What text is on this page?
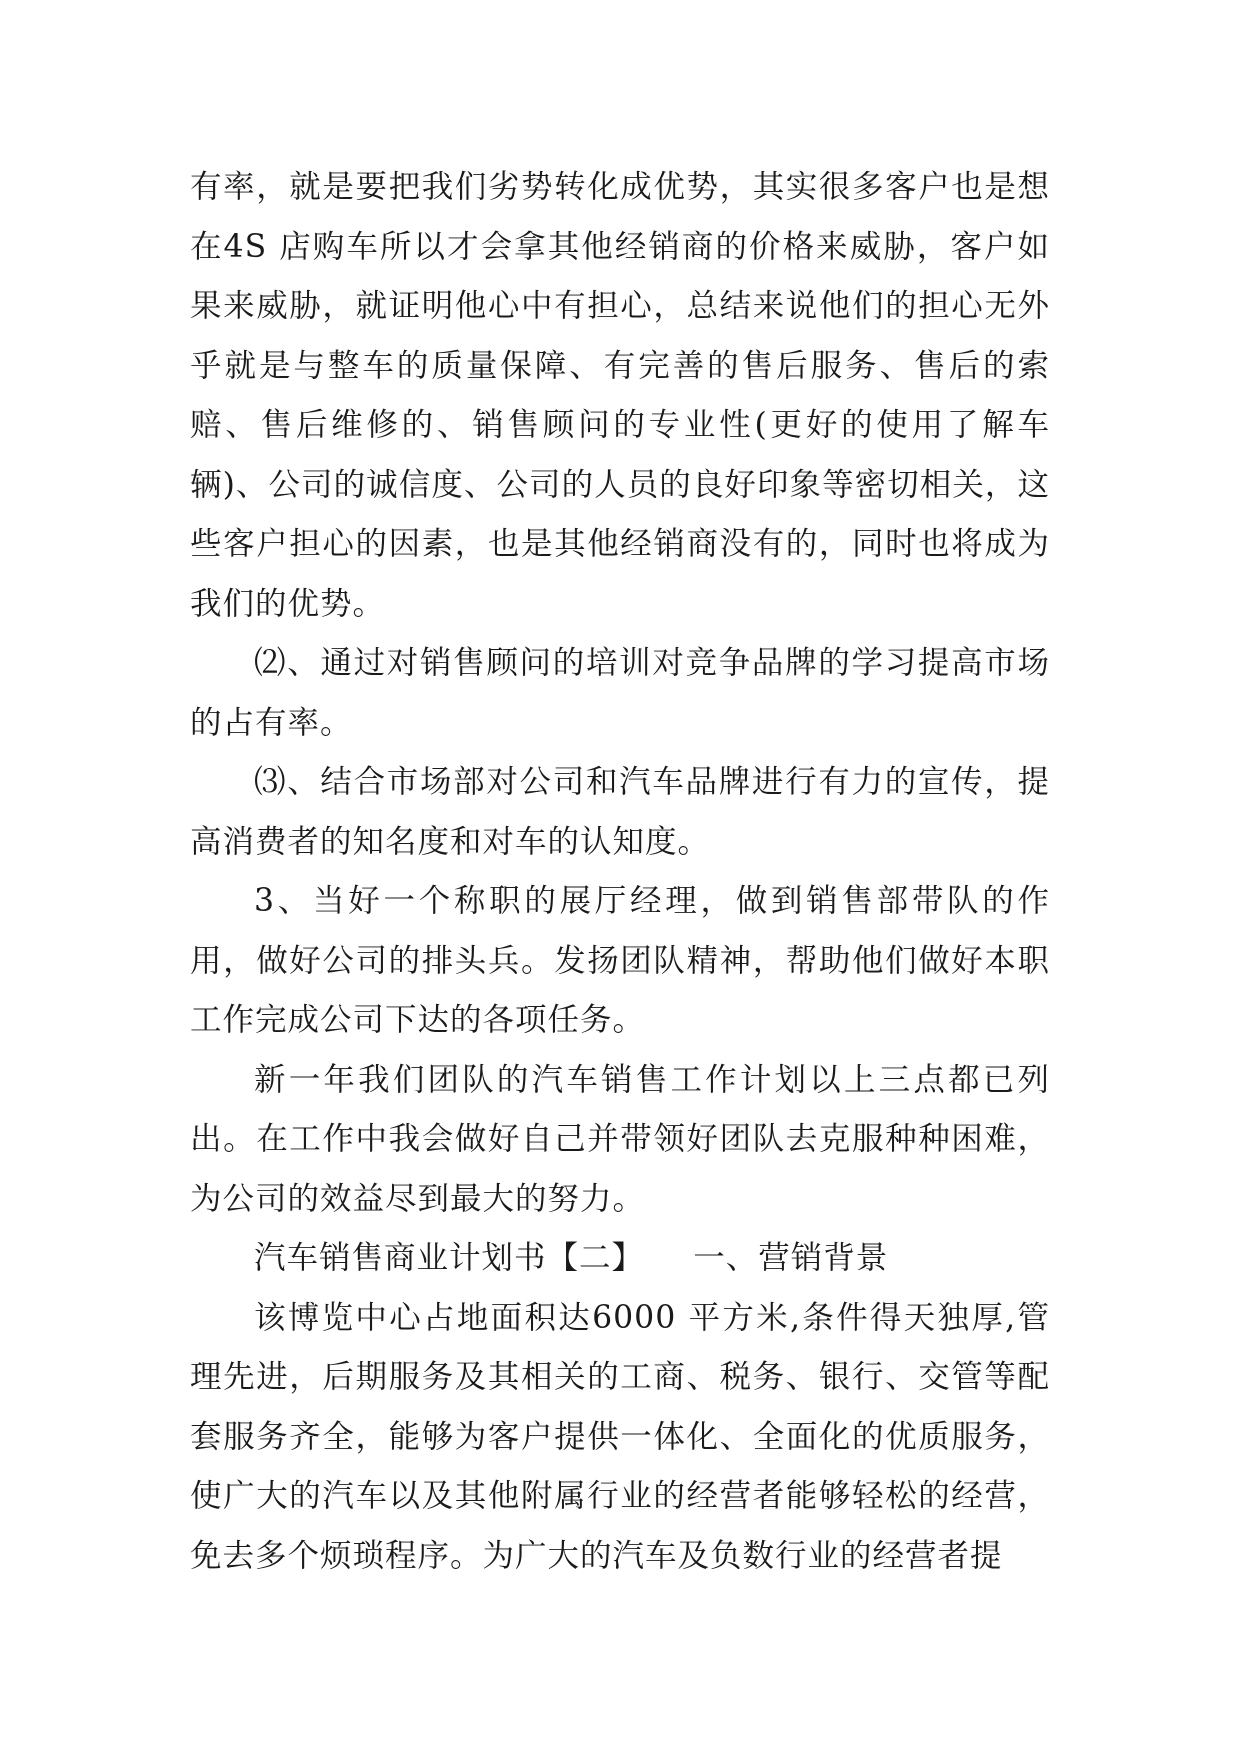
有率，就是要把我们劣势转化成优势，其实很多客户也是想在4S 店购车所以才会拿其他经销商的价格来威胁，客户如果来威胁，就证明他心中有担心，总结来说他们的担心无外乎就是与整车的质量保障、有完善的售后服务、售后的索赔、售后维修的、销售顾问的专业性(更好的使用了解车辆)、公司的诚信度、公司的人员的良好印象等密切相关，这些客户担心的因素，也是其他经销商没有的，同时也将成为我们的优势。

⑵、通过对销售顾问的培训对竞争品牌的学习提高市场的占有率。

⑶、结合市场部对公司和汽车品牌进行有力的宣传，提高消费者的知名度和对车的认知度。

3、当好一个称职的展厅经理，做到销售部带队的作用，做好公司的排头兵。发扬团队精神，帮助他们做好本职工作完成公司下达的各项任务。

新一年我们团队的汽车销售工作计划以上三点都已列出。在工作中我会做好自己并带领好团队去克服种种困难，为公司的效益尽到最大的努力。

汽车销售商业计划书【二】　　一、营销背景

该博览中心占地面积达6000 平方米,条件得天独厚,管理先进，后期服务及其相关的工商、税务、银行、交管等配套服务齐全，能够为客户提供一体化、全面化的优质服务，使广大的汽车以及其他附属行业的经营者能够轻松的经营，免去多个烦琐程序。为广大的汽车及负数行业的经营者提
